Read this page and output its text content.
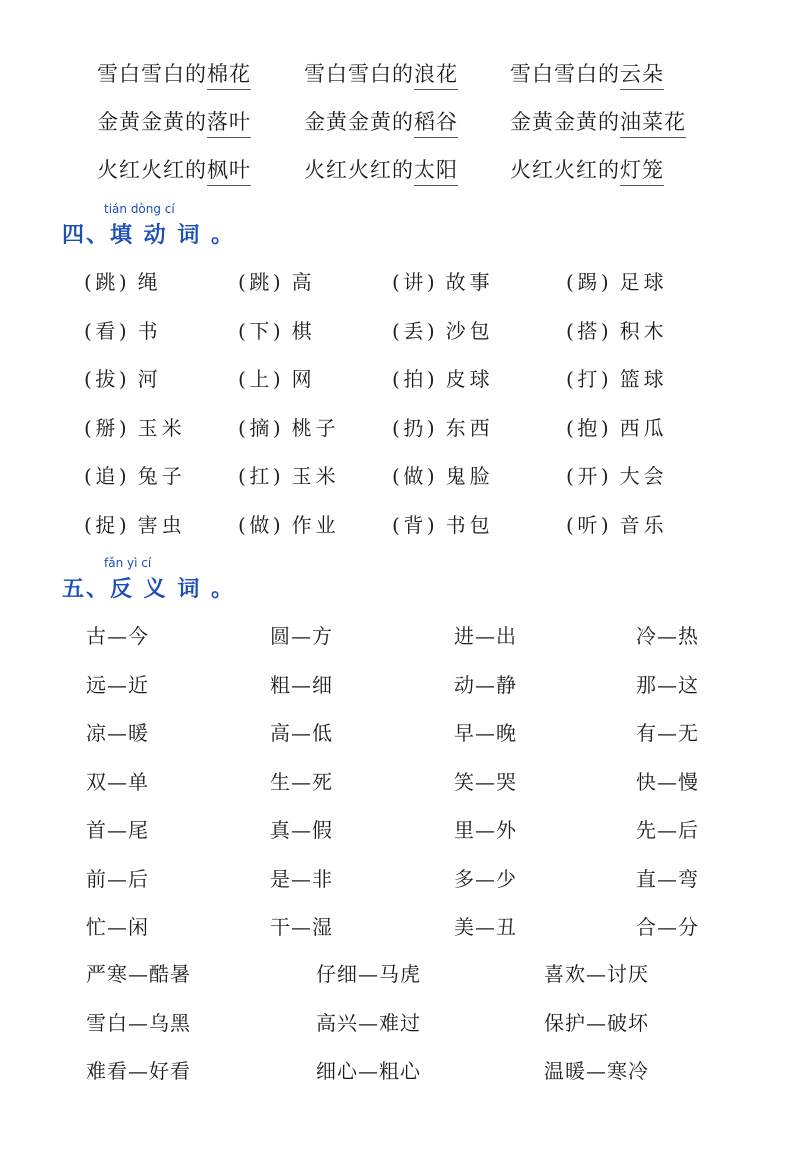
雪白雪白的棉花	雪白雪白的浪花 雪白雪白的云朵
金黄金黄的落叶	金黄金黄的稻谷 金黄金黄的油菜花
火红火红的枫叶	火红火红的太阳 火红火红的灯笼
tián dòng cí
四、填 动 词 。
( 跳 ) 绳	( 跳 ) 高	( 讲 ) 故事	( 踢 ) 足球
( 看 ) 书	( 下 ) 棋	( 丢 ) 沙包	( 搭 ) 积木
( 拔 ) 河	( 上 ) 网	( 拍 ) 皮球	( 打 ) 篮球
( 掰 ) 玉米	( 摘 ) 桃子	( 扔 ) 东西	( 抱 ) 西瓜
( 追 ) 兔子	( 扛 ) 玉米	( 做 ) 鬼脸	( 开 ) 大会
( 捉 ) 害虫	( 做 ) 作业	( 背 ) 书包	( 听 ) 音乐
fǎn yì cí
五、反 义 词 。
古—今	圆—方	进—出	冷—热
远—近	粗—细	动—静	那—这
凉—暖	高—低	早—晚	有—无
双—单	生—死	笑—哭	快—慢
首—尾	真—假	里—外	先—后
前—后	是—非	多—少	直—弯
忙—闲	干—湿	美—丑	合—分
严寒—酷暑	仔细—马虎	喜欢—讨厌
雪白—乌黑	高兴—难过	保护—破坏
难看—好看	细心—粗心	温暖—寒冷
